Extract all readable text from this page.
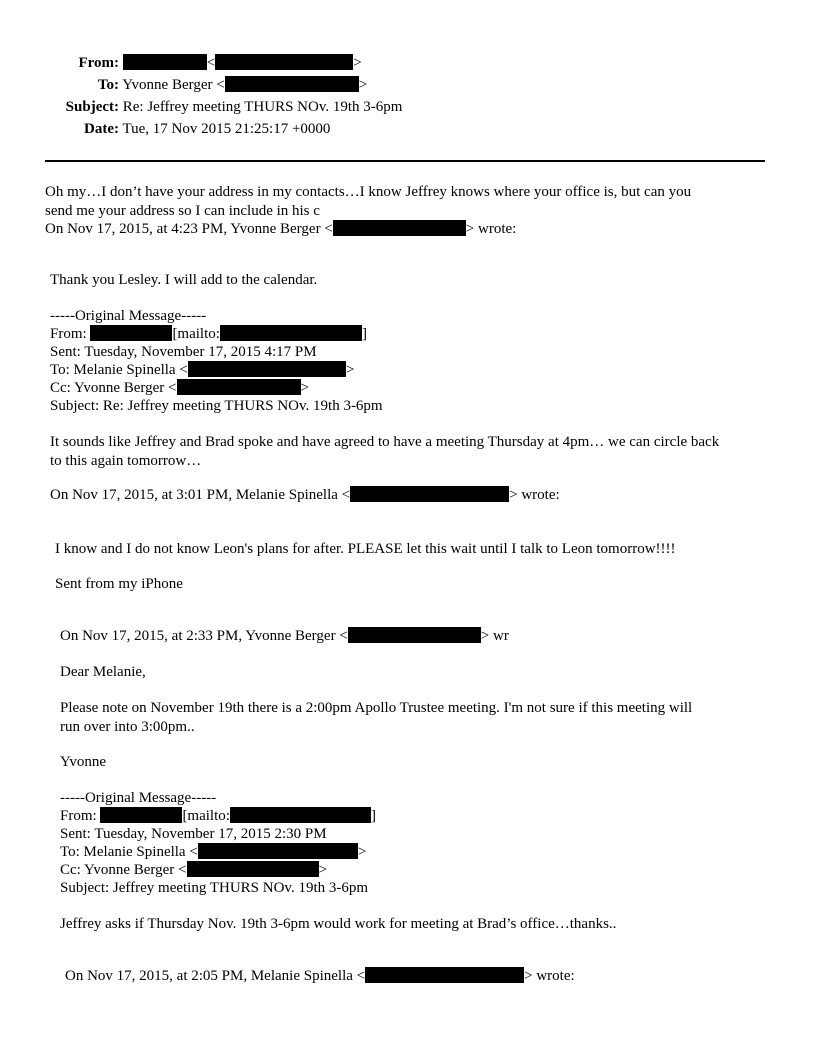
From:	<	>
To: Yvonne Berger <	>
Subject: Re: Jeffrey meeting THURS NOv. 19th 3-6pm
Date: Tue, 17 Nov 2015 21:25:17 +0000
Oh my…I don’t have your address in my contacts…I know Jeffrey knows where your office is, but can you
send me your address so I can include in his c
On Nov 17, 2015, at 4:23 PM, Yvonne Berger <	> wrote:
Thank you Lesley. I will add to the calendar.
-----Original Message-----
From:	[mailto:	]
Sent: Tuesday, November 17, 2015 4:17 PM
To: Melanie Spinella <	>
Cc: Yvonne Berger <	>
Subject: Re: Jeffrey meeting THURS NOv. 19th 3-6pm
It sounds like Jeffrey and Brad spoke and have agreed to have a meeting Thursday at 4pm… we can circle back
to this again tomorrow…
On Nov 17, 2015, at 3:01 PM, Melanie Spinella <	> wrote:
I know and I do not know Leon's plans for after. PLEASE let this wait until I talk to Leon tomorrow!!!!
Sent from my iPhone
On Nov 17, 2015, at 2:33 PM, Yvonne Berger <	> wr
Dear Melanie,
Please note on November 19th there is a 2:00pm Apollo Trustee meeting. I'm not sure if this meeting will
run over into 3:00pm..
Yvonne
-----Original Message-----
From:	[mailto:	]
Sent: Tuesday, November 17, 2015 2:30 PM
To: Melanie Spinella <	>
Cc: Yvonne Berger <	>
Subject: Jeffrey meeting THURS NOv. 19th 3-6pm
Jeffrey asks if Thursday Nov. 19th 3-6pm would work for meeting at Brad’s office…thanks..
On Nov 17, 2015, at 2:05 PM, Melanie Spinella <	> wrote:
